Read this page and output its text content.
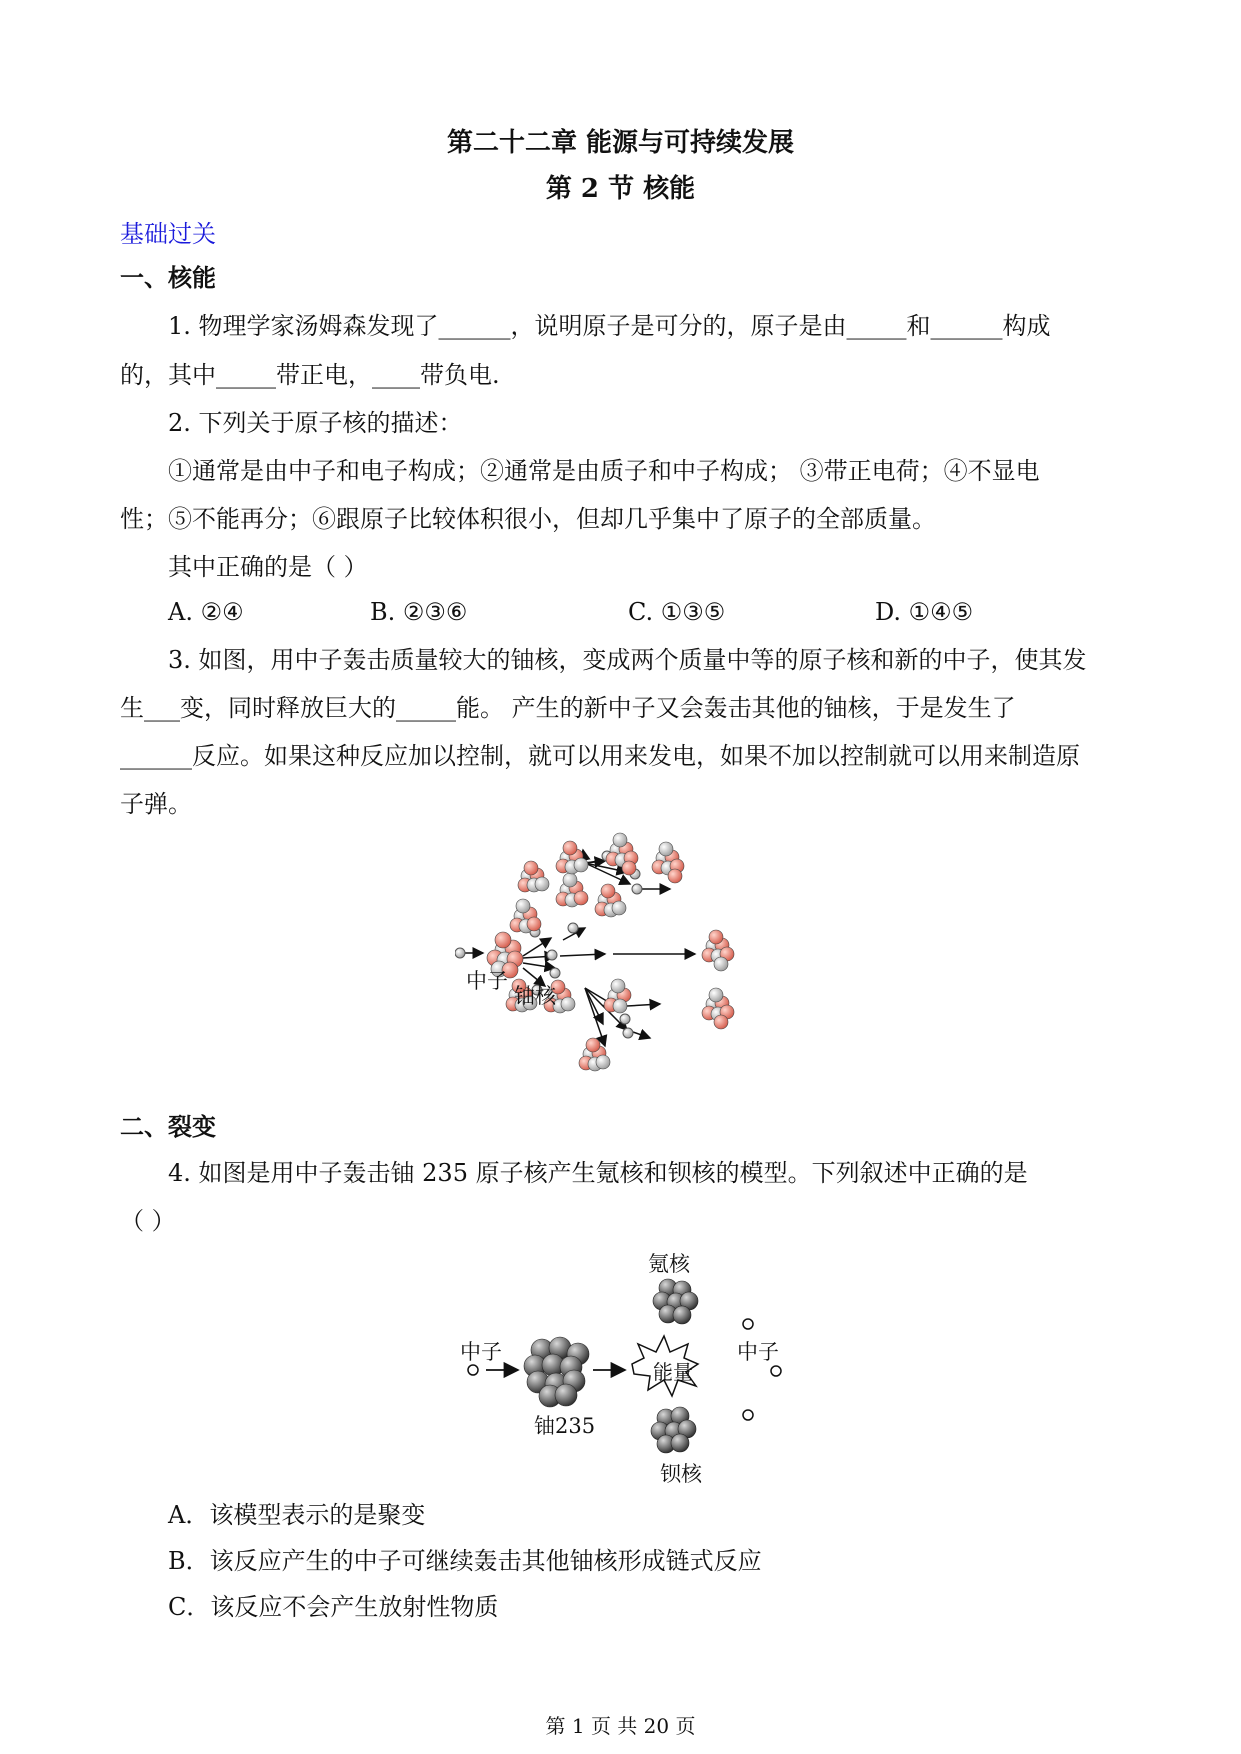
第二十二章 能源与可持续发展
第 2 节 核能
基础过关
一、核能
1. 物理学家汤姆森发现了______，说明原子是可分的，原子是由_____和______构成
的，其中_____带正电，____带负电.
2. 下列关于原子核的描述：
①通常是由中子和电子构成；②通常是由质子和中子构成； ③带正电荷；④不显电
性；⑤不能再分；⑥跟原子比较体积很小，但却几乎集中了原子的全部质量。
其中正确的是（ ）
A. ②④	B. ②③⑥	C. ①③⑤	D. ①④⑤
3. 如图，用中子轰击质量较大的铀核，变成两个质量中等的原子核和新的中子，使其发
生___变，同时释放巨大的_____能。 产生的新中子又会轰击其他的铀核，于是发生了
______反应。如果这种反应加以控制，就可以用来发电，如果不加以控制就可以用来制造原
子弹。
中子
铀核
二、裂变
4. 如图是用中子轰击铀 235 原子核产生氪核和钡核的模型。下列叙述中正确的是
（ ）
氪核
中子	中子
能量
铀235
钡核
A．该模型表示的是聚变
B．该反应产生的中子可继续轰击其他铀核形成链式反应
C．该反应不会产生放射性物质
第 1 页 共 20 页
